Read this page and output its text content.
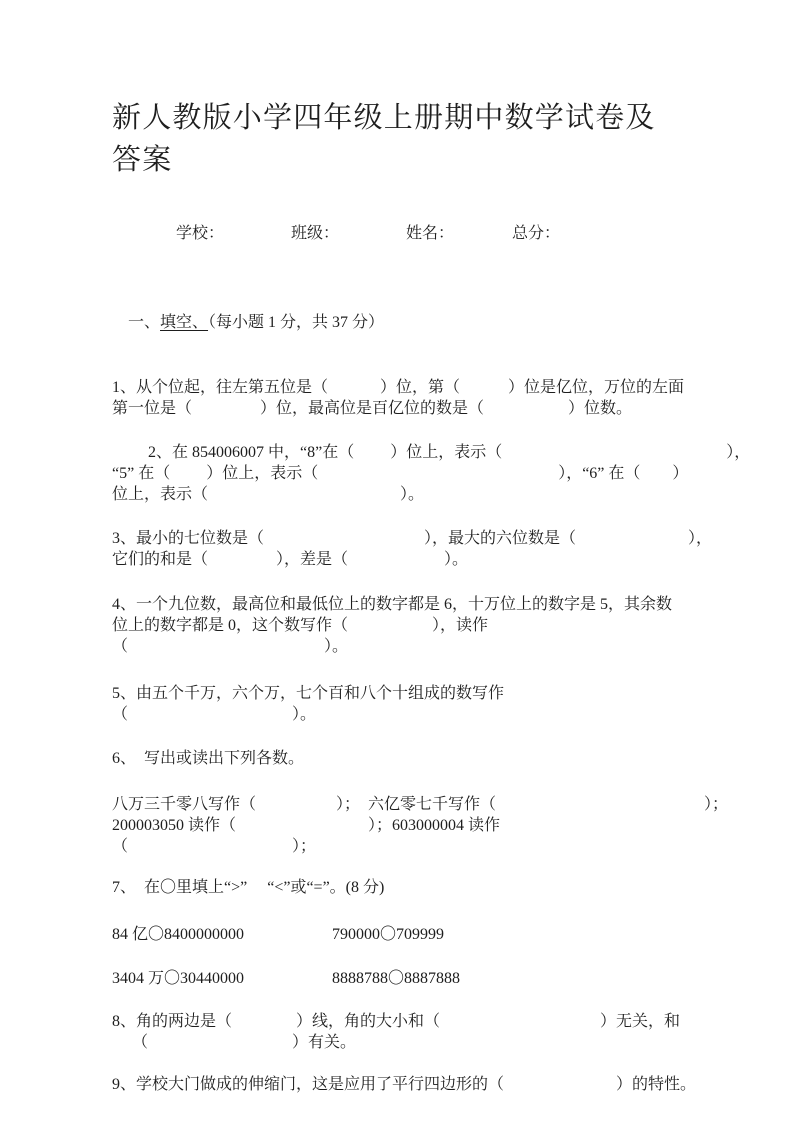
新人教版小学四年级上册期中数学试卷及
答案

学校：	班级：	姓名：	总分：

一、填空、（每小题 1 分，共 37 分）

1、从个位起，往左第五位是（　　　 ）位，第（　　　）位是亿位，万位的左面
第一位是（　　　　 ）位，最高位是百亿位的数是（　　　　　 ）位数。
　　 2、在 854006007 中，“8”在（　　 ）位上，表示（　　　　　　　　　　　　　　），
“5” 在（　　 ）位上，表示（　　　　　　　　　　　　　　　），“6” 在（　　）
位上，表示（　　　　　　　　　　　　）。
3、最小的七位数是（　　　　　　　　　　），最大的六位数是（　　　　　　　），
它们的和是（　　　　 ），差是（　　　　　　）。
4、一个九位数，最高位和最低位上的数字都是 6，十万位上的数字是 5，其余数
位上的数字都是 0，这个数写作（　　　　　 ），读作
（　　　　　　　　　　　　 ）。
5、由五个千万，六个万，七个百和八个十组成的数写作
（　　　　　　　　　　 ）。
6、　写出或读出下列各数。
八万三千零八写作（　　　　　）；　六亿零七千写作（　　　　　　　　　　　　　）；
200003050 读作（　　　　　　　　 ）；603000004 读作
（　　　　　　　　　　 ）；
7、　在〇里填上“>”　 “<”或“=”。(8 分)
84 亿〇8400000000	790000〇709999
3404 万〇30440000	8888788〇8887888
8、角的两边是（　　　　）线，角的大小和（　　　　　　　　　　）无关，和
　 （　　　　　　　　　）有关。
9、学校大门做成的伸缩门，这是应用了平行四边形的（　　　　　　　）的特性。
